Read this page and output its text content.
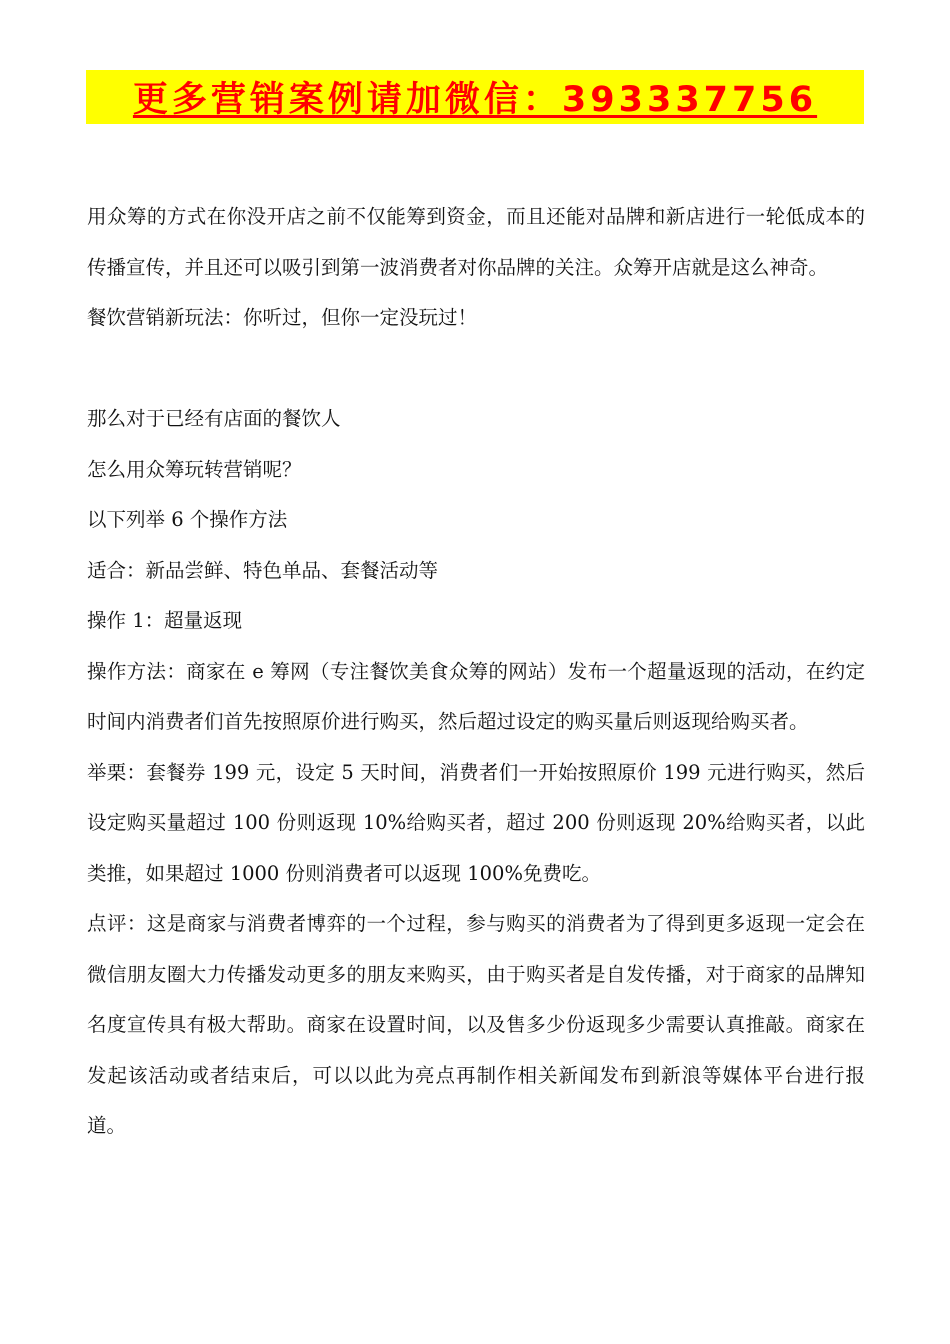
更多营销案例请加微信：393337756

用众筹的方式在你没开店之前不仅能筹到资金，而且还能对品牌和新店进行一轮低成本的传播宣传，并且还可以吸引到第一波消费者对你品牌的关注。众筹开店就是这么神奇。

餐饮营销新玩法：你听过，但你一定没玩过！

那么对于已经有店面的餐饮人

怎么用众筹玩转营销呢？

以下列举 6 个操作方法

适合：新品尝鲜、特色单品、套餐活动等

操作 1：超量返现

操作方法：商家在 e 筹网（专注餐饮美食众筹的网站）发布一个超量返现的活动，在约定时间内消费者们首先按照原价进行购买，然后超过设定的购买量后则返现给购买者。

举栗：套餐券 199 元，设定 5 天时间，消费者们一开始按照原价 199 元进行购买，然后设定购买量超过 100 份则返现 10%给购买者，超过 200 份则返现 20%给购买者，以此类推，如果超过 1000 份则消费者可以返现 100%免费吃。

点评：这是商家与消费者博弈的一个过程，参与购买的消费者为了得到更多返现一定会在微信朋友圈大力传播发动更多的朋友来购买，由于购买者是自发传播，对于商家的品牌知名度宣传具有极大帮助。商家在设置时间，以及售多少份返现多少需要认真推敲。商家在发起该活动或者结束后，可以以此为亮点再制作相关新闻发布到新浪等媒体平台进行报道。
